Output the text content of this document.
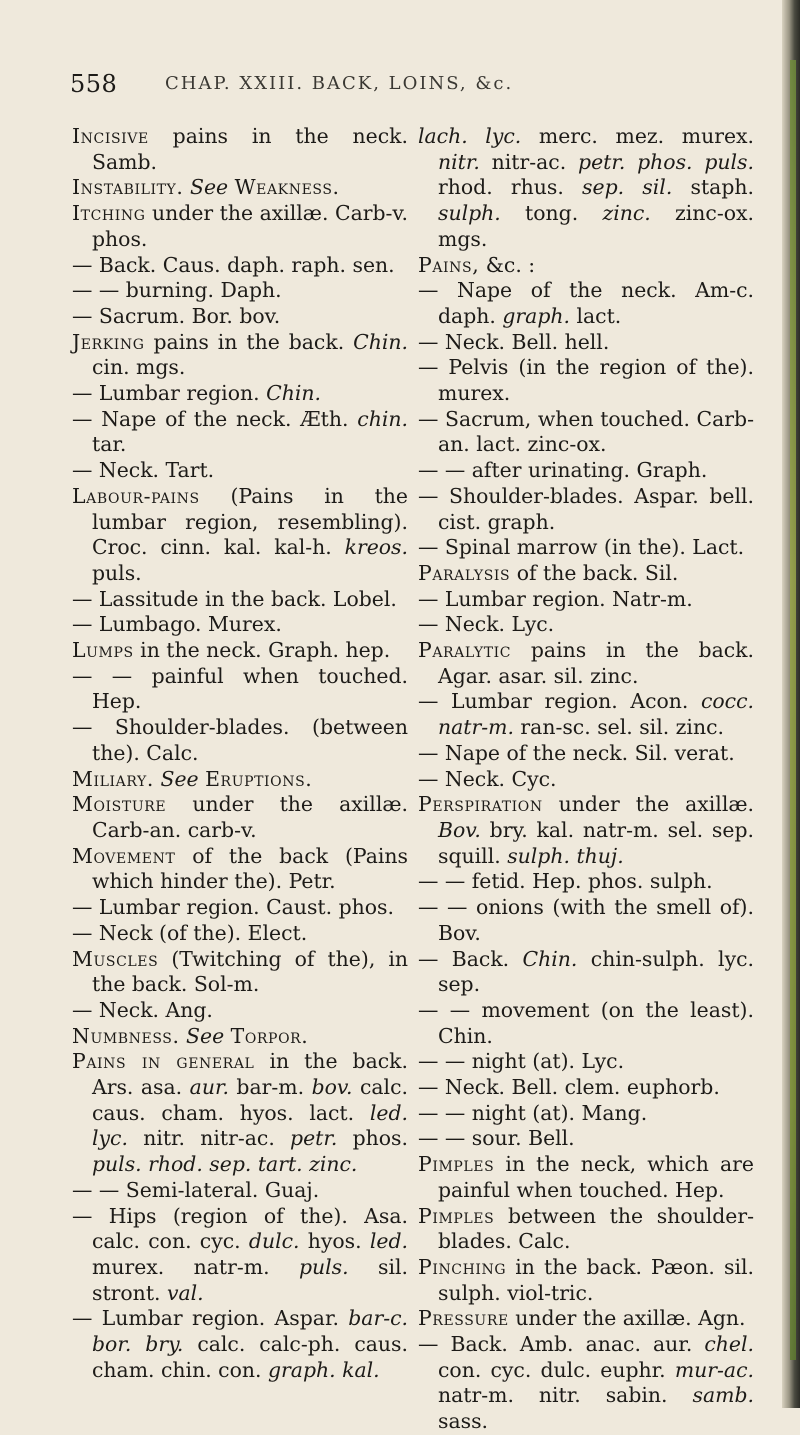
558	CHAP. XXIII. BACK, LOINS, &c.

Incisive pains in the neck. Samb.

Instability. See Weakness.

Itching under the axillæ. Carb-v. phos.

— Back. Caus. daph. raph. sen.

— — burning. Daph.

— Sacrum. Bor. bov.

Jerking pains in the back. Chin. cin. mgs.

— Lumbar region. Chin.

— Nape of the neck. Æth. chin. tar.

— Neck. Tart.

Labour-pains (Pains in the lumbar region, resembling). Croc. cinn. kal. kal-h. kreos. puls.

— Lassitude in the back. Lobel.

— Lumbago. Murex.

Lumps in the neck. Graph. hep.

— — painful when touched. Hep.

— Shoulder-blades. (between the). Calc.

Miliary. See Eruptions.

Moisture under the axillæ. Carb-an. carb-v.

Movement of the back (Pains which hinder the). Petr.

— Lumbar region. Caust. phos.

— Neck (of the). Elect.

Muscles (Twitching of the), in the back. Sol-m.

— Neck. Ang.

Numbness. See Torpor.

Pains in general in the back. Ars. asa. aur. bar-m. bov. calc. caus. cham. hyos. lact. led. lyc. nitr. nitr-ac. petr. phos. puls. rhod. sep. tart. zinc.

— — Semi-lateral. Guaj.

— Hips (region of the). Asa. calc. con. cyc. dulc. hyos. led. murex. natr-m. puls. sil. stront. val.

— Lumbar region. Aspar. bar-c. bor. bry. calc. calc-ph. caus. cham. chin. con. graph. kal.

lach. lyc. merc. mez. murex. nitr. nitr-ac. petr. phos. puls. rhod. rhus. sep. sil. staph. sulph. tong. zinc. zinc-ox. mgs.

Pains, &c. :

— Nape of the neck. Am-c. daph. graph. lact.

— Neck. Bell. hell.

— Pelvis (in the region of the). murex.

— Sacrum, when touched. Carb-an. lact. zinc-ox.

— — after urinating. Graph.

— Shoulder-blades. Aspar. bell. cist. graph.

— Spinal marrow (in the). Lact.

Paralysis of the back. Sil.

— Lumbar region. Natr-m.

— Neck. Lyc.

Paralytic pains in the back. Agar. asar. sil. zinc.

— Lumbar region. Acon. cocc. natr-m. ran-sc. sel. sil. zinc.

— Nape of the neck. Sil. verat.

— Neck. Cyc.

Perspiration under the axillæ. Bov. bry. kal. natr-m. sel. sep. squill. sulph. thuj.

— — fetid. Hep. phos. sulph.

— — onions (with the smell of). Bov.

— Back. Chin. chin-sulph. lyc. sep.

— — movement (on the least). Chin.

— — night (at). Lyc.

— Neck. Bell. clem. euphorb.

— — night (at). Mang.

— — sour. Bell.

Pimples in the neck, which are painful when touched. Hep.

Pimples between the shoulder-blades. Calc.

Pinching in the back. Pæon. sil. sulph. viol-tric.

Pressure under the axillæ. Agn.

— Back. Amb. anac. aur. chel. con. cyc. dulc. euphr. mur-ac. natr-m. nitr. sabin. samb. sass.
